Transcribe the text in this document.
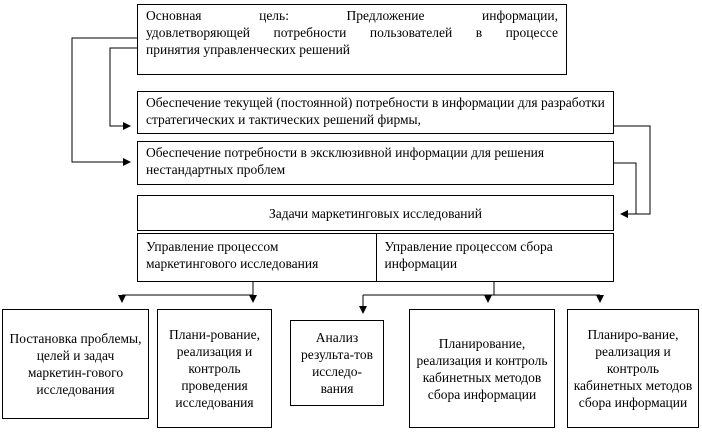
Основная цель: Предложение информации,
удовлетворяющей потребности пользователей в процессе
принятия управленческих решений
Обеспечение текущей (постоянной) потребности в информации для разработки стратегических и тактических решений фирмы,
Обеспечение потребности в эксклюзивной информации для решения нестандартных проблем
Задачи маркетинговых исследований
Управление процессом маркетингового исследования
Управление процессом сбора информации
Постановка проблемы, целей и задач маркетин-гового исследования
Плани-рование, реализация и контроль проведения исследования
Анализ результа-тов исследо-вания
Планирование, реализация и контроль кабинетных методов сбора информации
Планиро-вание, реализация и контроль кабинетных методов сбора информации
